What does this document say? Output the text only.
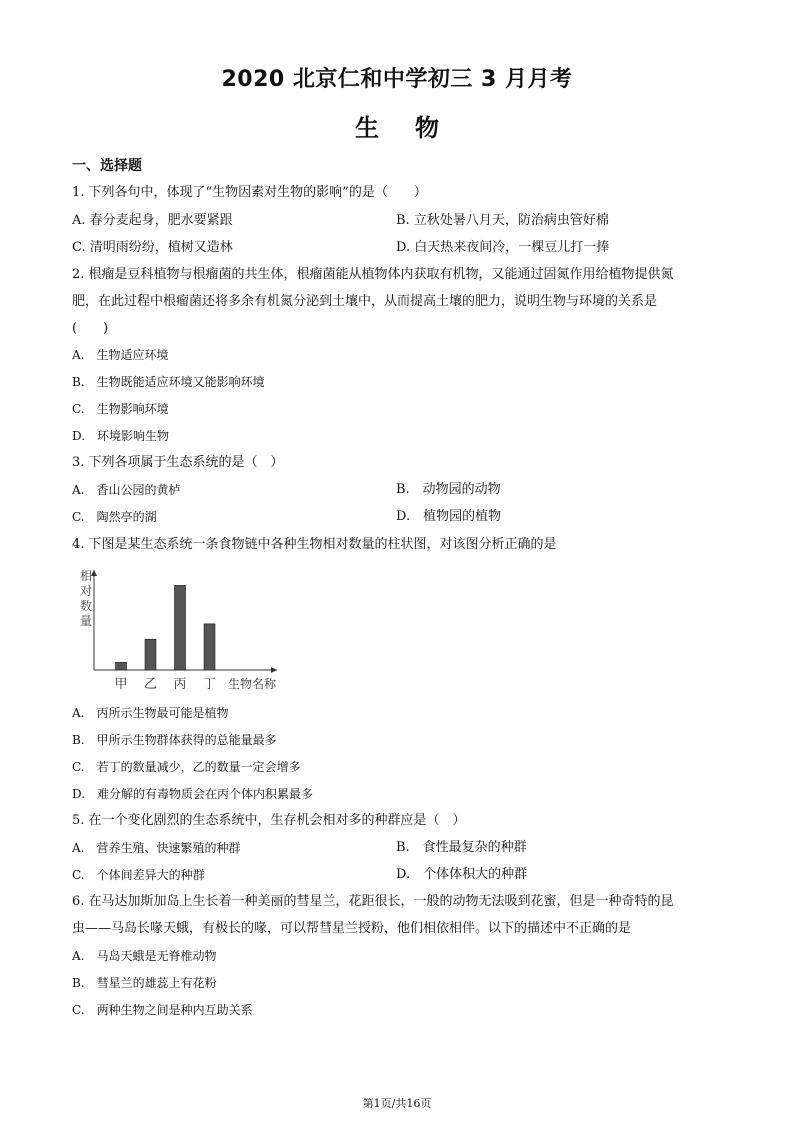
2020 北京仁和中学初三 3 月月考
生物
一、选择题
1. 下列各句中，体现了“生物因素对生物的影响”的是（　　）
A. 春分麦起身，肥水要紧跟	B. 立秋处暑八月天，防治病虫管好棉
C. 清明雨纷纷，植树又造林	D. 白天热来夜间冷，一棵豆儿打一捧
2. 根瘤是豆科植物与根瘤菌的共生体，根瘤菌能从植物体内获取有机物，又能通过固氮作用给植物提供氮
肥，在此过程中根瘤菌还将多余有机氮分泌到土壤中，从而提高土壤的肥力，说明生物与环境的关系是
(　　)
A.　生物适应环境
B.　生物既能适应环境又能影响环境
C.　生物影响环境
D.　环境影响生物
3. 下列各项属于生态系统的是（　）
A.　香山公园的黄栌	B.　动物园的动物
C.　陶然亭的湖	D.　植物园的植物
4. 下图是某生态系统一条食物链中各种生物相对数量的柱状图，对该图分析正确的是
相
对
数
量
甲 乙 丙 丁 生物名称
A.　丙所示生物最可能是植物
B.　甲所示生物群体获得的总能量最多
C.　若丁的数量减少，乙的数量一定会增多
D.　难分解的有毒物质会在丙个体内积累最多
5. 在一个变化剧烈的生态系统中，生存机会相对多的种群应是（　）
A.　营养生殖、快速繁殖的种群	B.　食性最复杂的种群
C.　个体间差异大的种群	D.　个体体积大的种群
6. 在马达加斯加岛上生长着一种美丽的彗星兰，花距很长，一般的动物无法吸到花蜜，但是一种奇特的昆
虫——马岛长喙天蛾，有极长的喙，可以帮彗星兰授粉，他们相依相伴。以下的描述中不正确的是
A.　马岛天蛾是无脊椎动物
B.　彗星兰的雄蕊上有花粉
C.　两种生物之间是种内互助关系
第1页/共16页
